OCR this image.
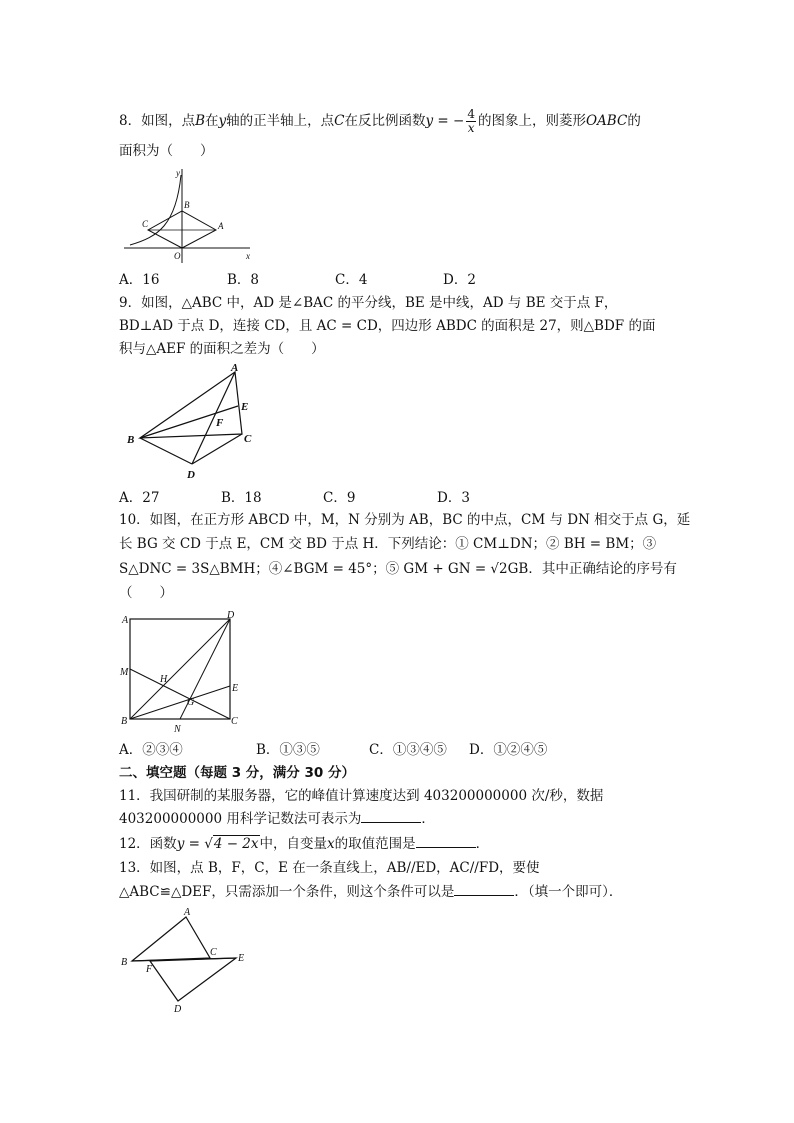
8．如图，点B在y轴的正半轴上，点C在反比例函数y = − $\frac{4}{x}$ 的图象上，则菱形OABC的
面积为（　　）
y
B
C	A
O	x
A．16	B．8	C．4	D．2
9．如图，△ABC 中，AD 是∠BAC 的平分线，BE 是中线，AD 与 BE 交于点 F，
BD⊥AD 于点 D，连接 CD，且 AC = CD，四边形 ABDC 的面积是 27，则△BDF 的面
积与△AEF 的面积之差为（　　）
A
E
F
B	C
D
A．27	B．18	C．9	D．3
10．如图，在正方形 ABCD 中，M，N 分别为 AB，BC 的中点，CM 与 DN 相交于点 G，延
长 BG 交 CD 于点 E，CM 交 BD 于点 H．下列结论：① CM⊥DN；② BH = BM；③
S△DNC = 3S△BMH；④∠BGM = 45°；⑤ GM + GN = √2GB．其中正确结论的序号有
（　　）
A	D
M
H
E
G
B
N
C
A．②③④	B．①③⑤	C．①③④⑤ D．①②④⑤
二、填空题（每题 3 分，满分 30 分）
11．我国研制的某服务器，它的峰值计算速度达到 403200000000 次/秒，数据
403200000000 用科学记数法可表示为	．
12．函数y = √4 − 2x中，自变量x的取值范围是	．
13．如图，点 B，F，C，E 在一条直线上，AB//ED，AC//FD，要使
△ABC≌△DEF，只需添加一个条件，则这个条件可以是	．（填一个即可）．
A
B
F
C
E
D
